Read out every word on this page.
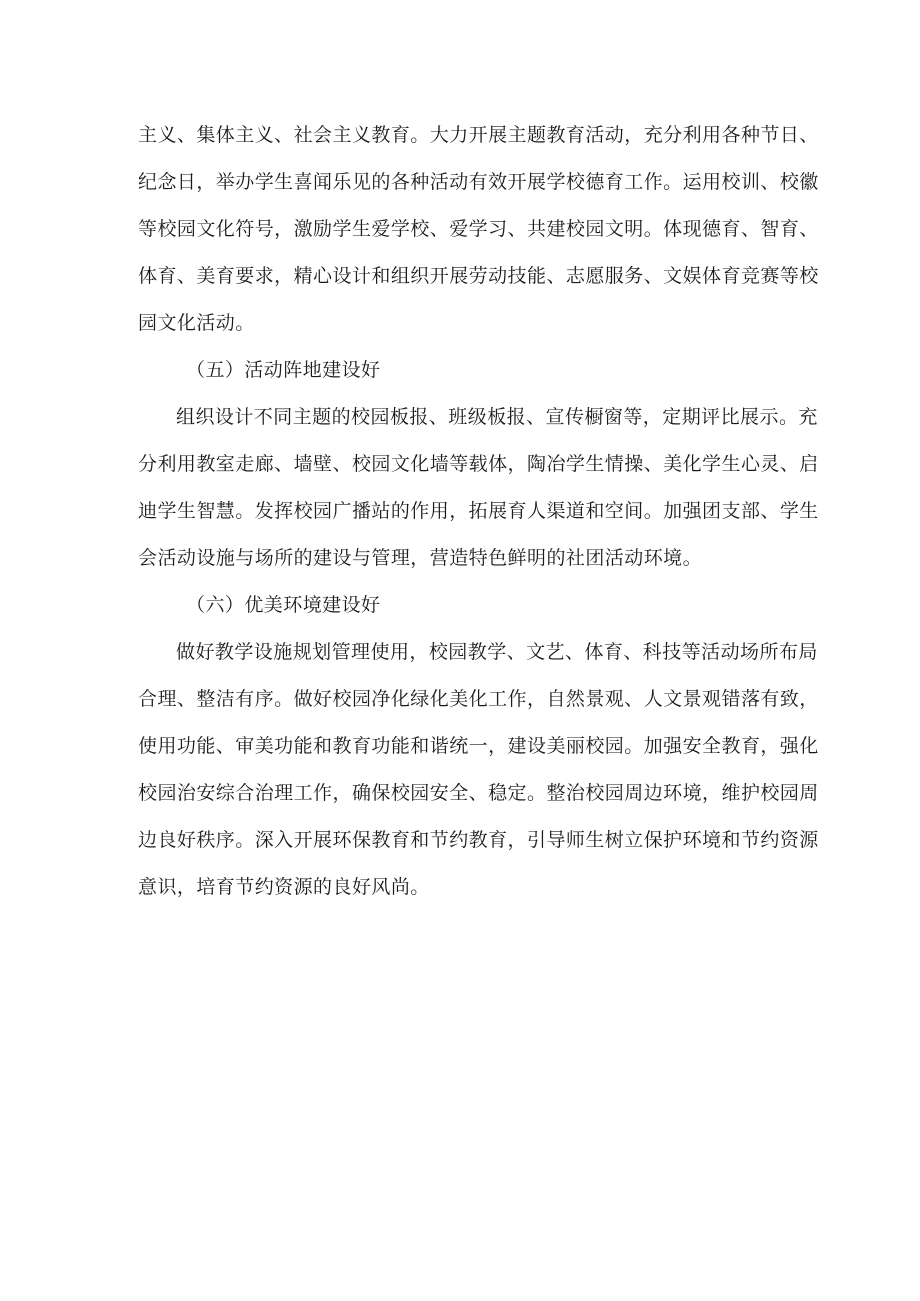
主义、集体主义、社会主义教育。大力开展主题教育活动，充分利用各种节日、
纪念日，举办学生喜闻乐见的各种活动有效开展学校德育工作。运用校训、校徽
等校园文化符号，激励学生爱学校、爱学习、共建校园文明。体现德育、智育、
体育、美育要求，精心设计和组织开展劳动技能、志愿服务、文娱体育竞赛等校
园文化活动。
（五）活动阵地建设好
组织设计不同主题的校园板报、班级板报、宣传橱窗等，定期评比展示。充
分利用教室走廊、墙壁、校园文化墙等载体，陶冶学生情操、美化学生心灵、启
迪学生智慧。发挥校园广播站的作用，拓展育人渠道和空间。加强团支部、学生
会活动设施与场所的建设与管理，营造特色鲜明的社团活动环境。
（六）优美环境建设好
做好教学设施规划管理使用，校园教学、文艺、体育、科技等活动场所布局
合理、整洁有序。做好校园净化绿化美化工作，自然景观、人文景观错落有致，
使用功能、审美功能和教育功能和谐统一，建设美丽校园。加强安全教育，强化
校园治安综合治理工作，确保校园安全、稳定。整治校园周边环境，维护校园周
边良好秩序。深入开展环保教育和节约教育，引导师生树立保护环境和节约资源
意识，培育节约资源的良好风尚。
